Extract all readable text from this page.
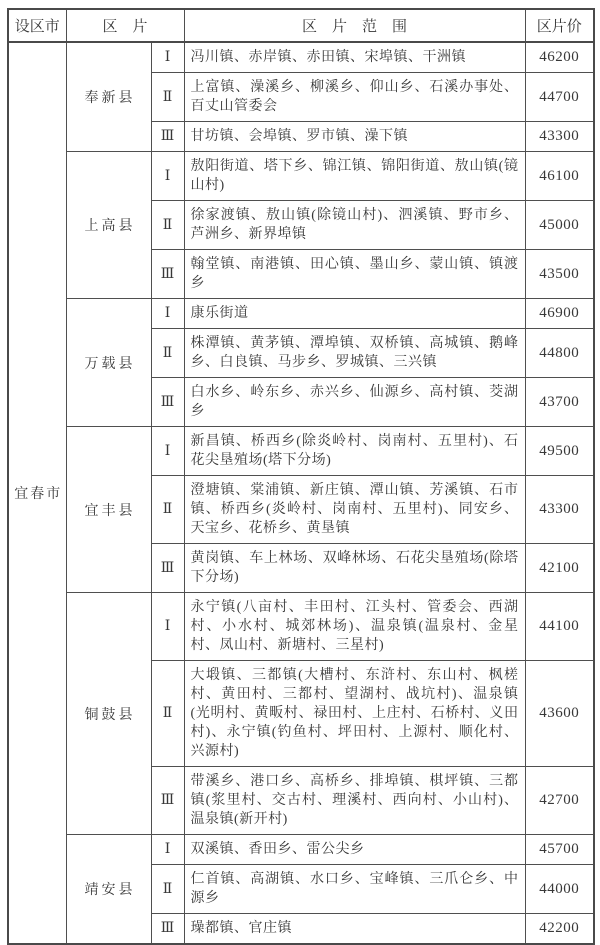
设区市	区　片		区　片　范　围	区片价
宜春市	奉新县	Ⅰ	冯川镇、赤岸镇、赤田镇、宋埠镇、干洲镇	46200
		Ⅱ	上富镇、澡溪乡、柳溪乡、仰山乡、石溪办事处、百丈山管委会	44700
		Ⅲ	甘坊镇、会埠镇、罗市镇、澡下镇	43300
	上高县	Ⅰ	敖阳街道、塔下乡、锦江镇、锦阳街道、敖山镇(镜山村)	46100
		Ⅱ	徐家渡镇、敖山镇(除镜山村)、泗溪镇、野市乡、芦洲乡、新界埠镇	45000
		Ⅲ	翰堂镇、南港镇、田心镇、墨山乡、蒙山镇、镇渡乡	43500
	万载县	Ⅰ	康乐街道	46900
		Ⅱ	株潭镇、黄茅镇、潭埠镇、双桥镇、高城镇、鹅峰乡、白良镇、马步乡、罗城镇、三兴镇	44800
		Ⅲ	白水乡、岭东乡、赤兴乡、仙源乡、高村镇、茭湖乡	43700
	宜丰县	Ⅰ	新昌镇、桥西乡(除炎岭村、岗南村、五里村)、石花尖垦殖场(塔下分场)	49500
		Ⅱ	澄塘镇、棠浦镇、新庄镇、潭山镇、芳溪镇、石市镇、桥西乡(炎岭村、岗南村、五里村)、同安乡、天宝乡、花桥乡、黄垦镇	43300
		Ⅲ	黄岗镇、车上林场、双峰林场、石花尖垦殖场(除塔下分场)	42100
	铜鼓县	Ⅰ	永宁镇(八亩村、丰田村、江头村、管委会、西湖村、小水村、城郊林场)、温泉镇(温泉村、金星村、凤山村、新塘村、三星村)	44100
		Ⅱ	大塅镇、三都镇(大槽村、东浒村、东山村、枫槎村、黄田村、三都村、望湖村、战坑村)、温泉镇(光明村、黄畈村、禄田村、上庄村、石桥村、义田村)、永宁镇(钓鱼村、坪田村、上源村、顺化村、兴源村)	43600
		Ⅲ	带溪乡、港口乡、高桥乡、排埠镇、棋坪镇、三都镇(浆里村、交古村、理溪村、西向村、小山村)、温泉镇(新开村)	42700
	靖安县	Ⅰ	双溪镇、香田乡、雷公尖乡	45700
		Ⅱ	仁首镇、高湖镇、水口乡、宝峰镇、三爪仑乡、中源乡	44000
		Ⅲ	璪都镇、官庄镇	42200
